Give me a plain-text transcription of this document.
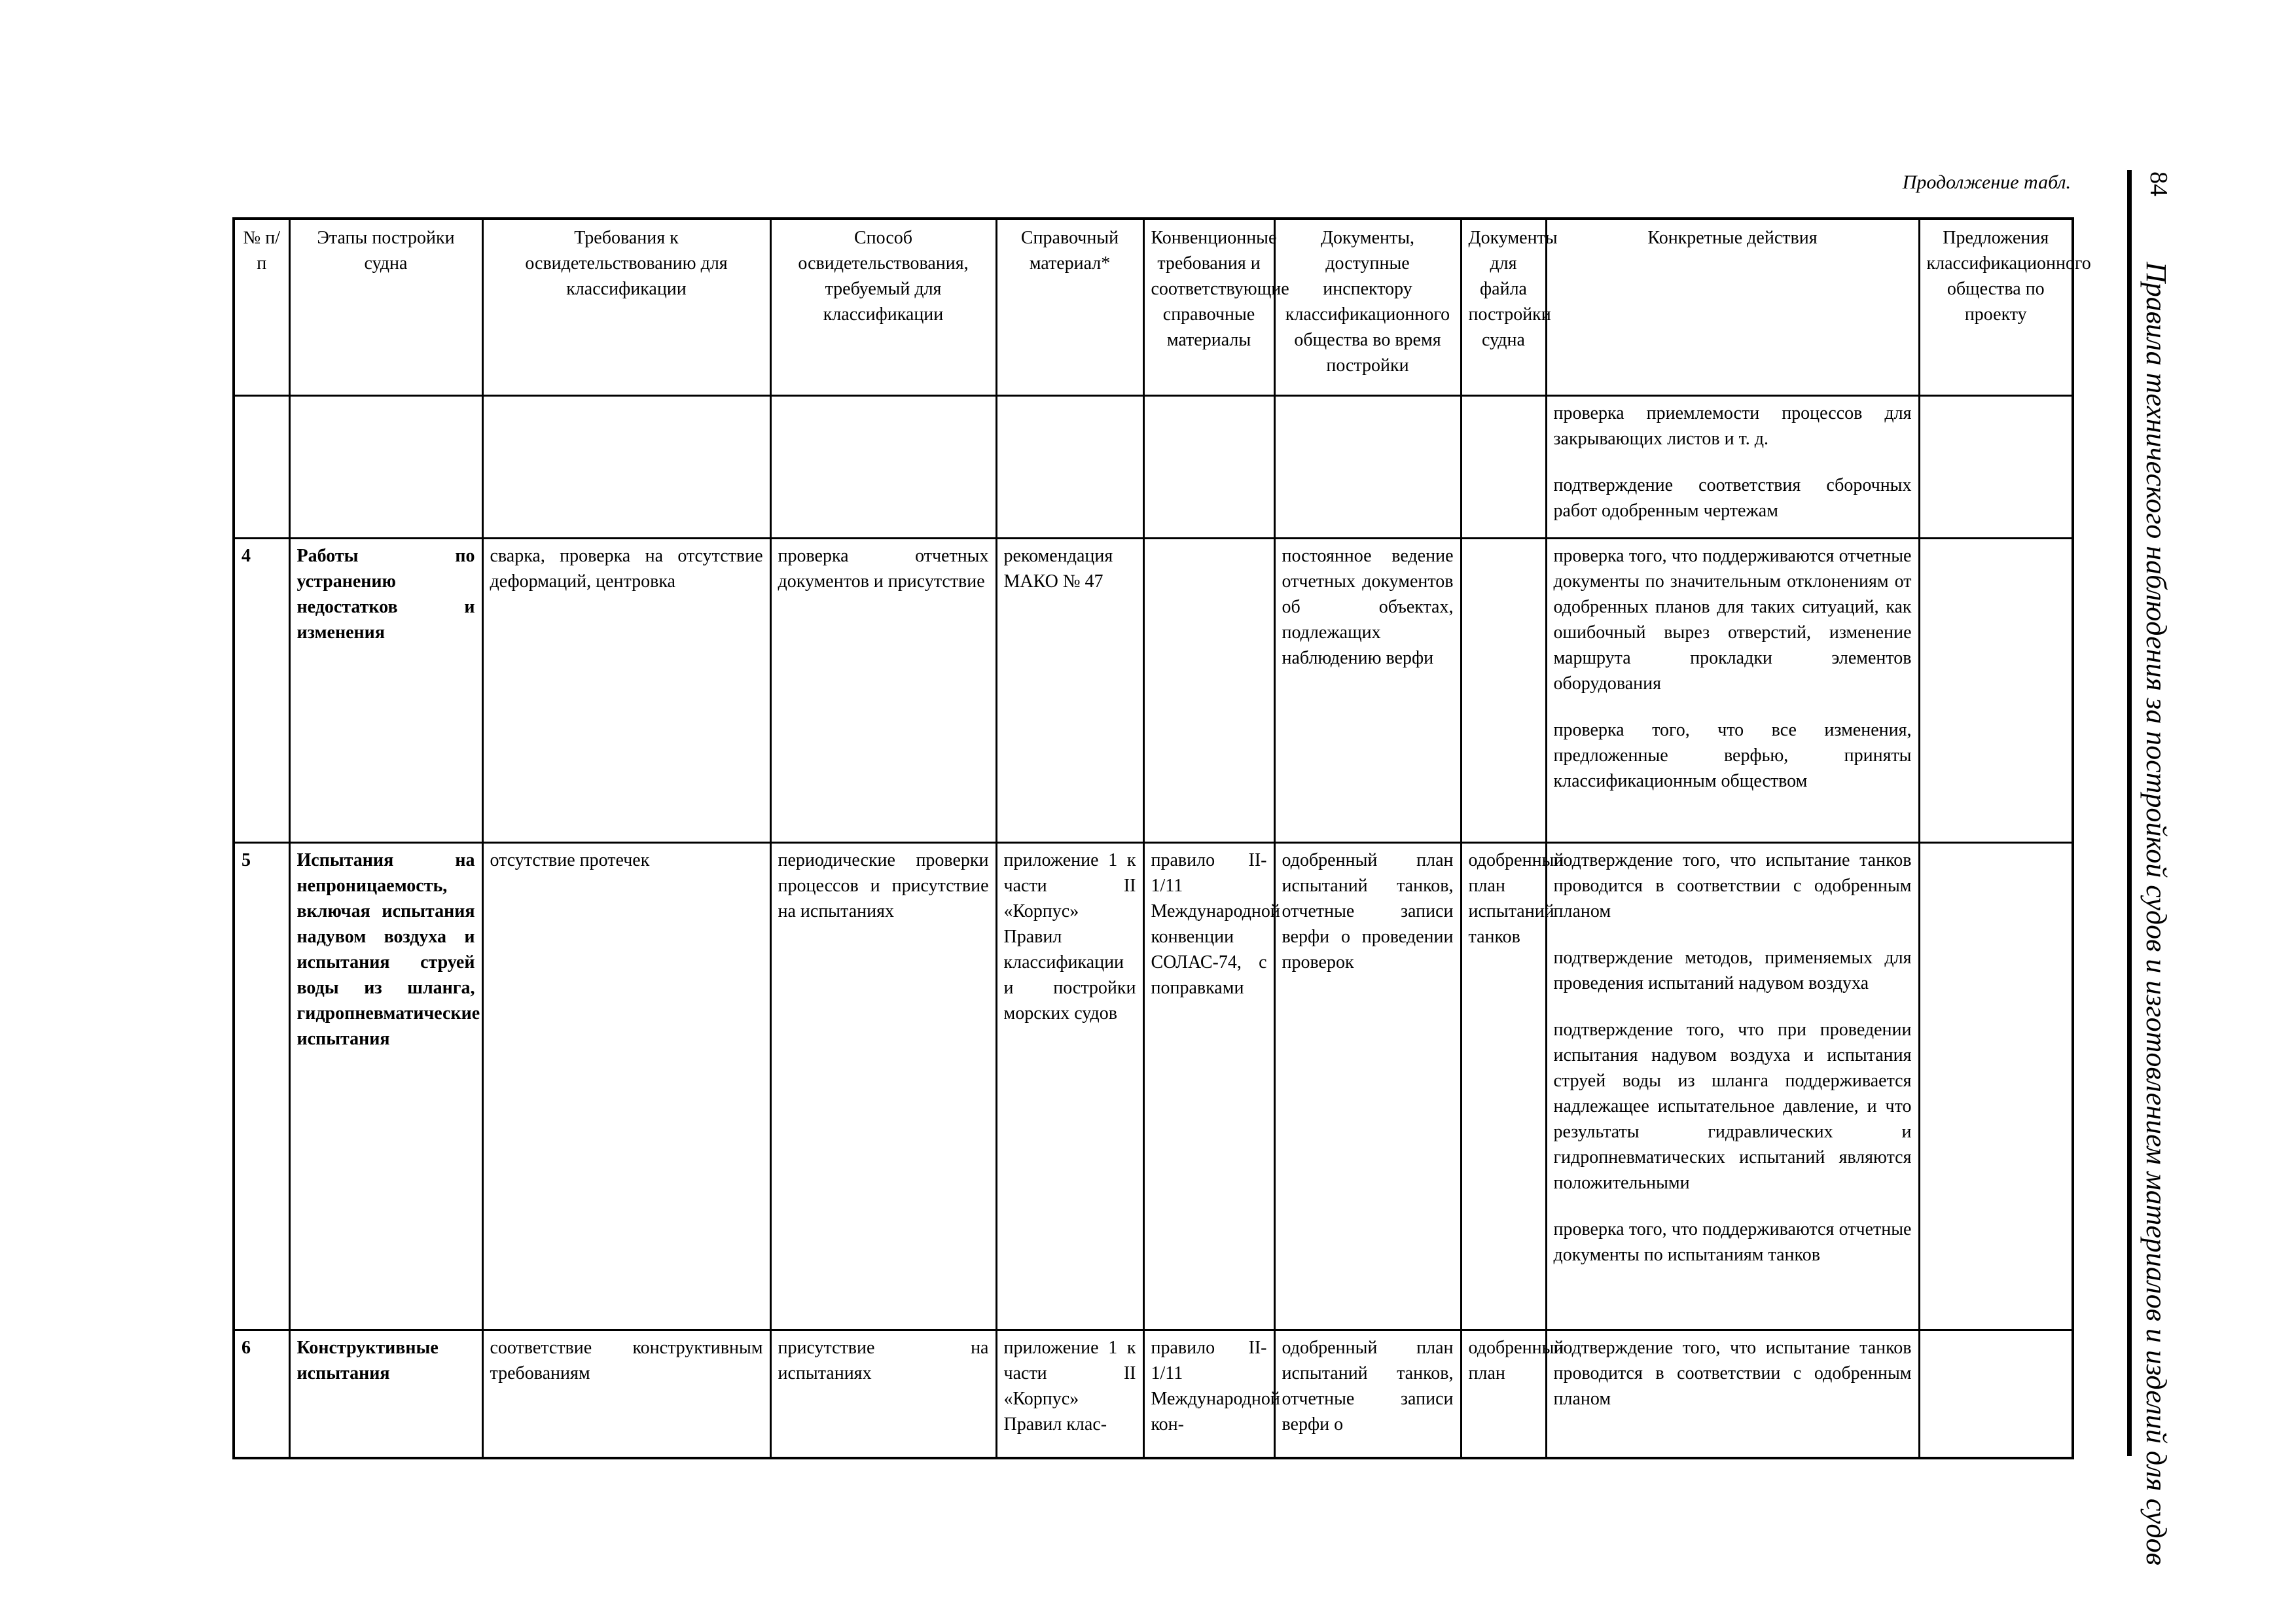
Продолжение табл.	84
Правила технического наблюдения за постройкой судов и изготовлением материалов и изделий для судов
№ п/п	Этапы постройки судна	Требования к освидетельствованию для классификации	Способ освидетельствования, требуемый для классификации	Справочный материал*	Конвенционные требования и соответствующие справочные материалы	Документы, доступные инспектору классификационного общества во время постройки	Документы для файла постройки судна	Конкретные действия	Предложения классификационного общества по проекту

								проверка приемлемости процессов для закрывающих листов и т. д.
подтверждение соответствия сборочных работ одобренным чертежам	

4	Работы по устранению недостатков и изменения	сварка, проверка на отсутствие деформаций, центровка	проверка отчетных документов и присутствие	рекомендация МАКО № 47		постоянное ведение отчетных документов об объектах, подлежащих наблюдению верфи		проверка того, что поддерживаются отчетные документы по значительным отклонениям от одобренных планов для таких ситуаций, как ошибочный вырез отверстий, изменение маршрута прокладки элементов оборудования
проверка того, что все изменения, предложенные верфью, приняты классификационным обществом	

5	Испытания на непроницаемость, включая испытания надувом воздуха и испытания струей воды из шланга, гидропневматические испытания	отсутствие протечек	периодические проверки процессов и присутствие на испытаниях	приложение 1 к части II «Корпус» Правил классификации и постройки морских судов	правило II-1/11 Международной конвенции СОЛАС-74, с поправками	одобренный план испытаний танков, отчетные записи верфи о проведении проверок	одобренный план испытаний танков	подтверждение того, что испытание танков проводится в соответствии с одобренным планом
подтверждение методов, применяемых для проведения испытаний надувом воздуха
подтверждение того, что при проведении испытания надувом воздуха и испытания струей воды из шланга поддерживается надлежащее испытательное давление, и что результаты гидравлических и гидропневматических испытаний являются положительными
проверка того, что поддерживаются отчетные документы по испытаниям танков	

6	Конструктивные испытания	соответствие конструктивным требованиям	присутствие на испытаниях	приложение 1 к части II «Корпус» Правил клас-	правило II-1/11 Международной кон-	одобренный план испытаний танков, отчетные записи верфи о	одобренный план	подтверждение того, что испытание танков проводится в соответствии с одобренным планом	
